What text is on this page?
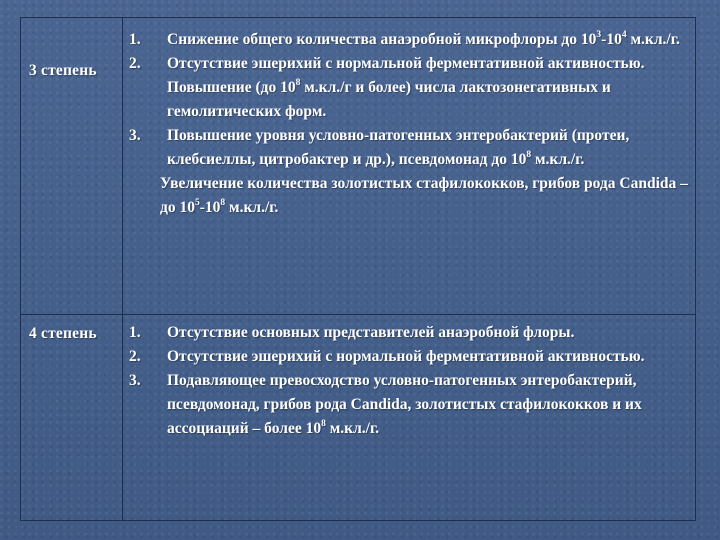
3 степень
1. Снижение общего количества анаэробной микрофлоры до $10^3-10^4$ м.кл./г.
2. Отсутствие эшерихий с нормальной ферментативной активностью. Повышение (до $10^8$ м.кл./г и более) числа лактозонегативных и гемолитических форм.
3. Повышение уровня условно-патогенных энтеробактерий (протеи, клебсиеллы, цитробактер и др.), псевдомонад до $10^8$ м.кл./г.
Увеличение количества золотистых стафилококков, грибов рода Candida – до $10^5-10^8$ м.кл./г.
4 степень 1. Отсутствие основных представителей анаэробной флоры.
2. Отсутствие эшерихий с нормальной ферментативной активностью.
3. Подавляющее превосходство условно-патогенных энтеробактерий, псевдомонад, грибов рода Candida, золотистых стафилококков и их ассоциаций – более $10^8$ м.кл./г.
